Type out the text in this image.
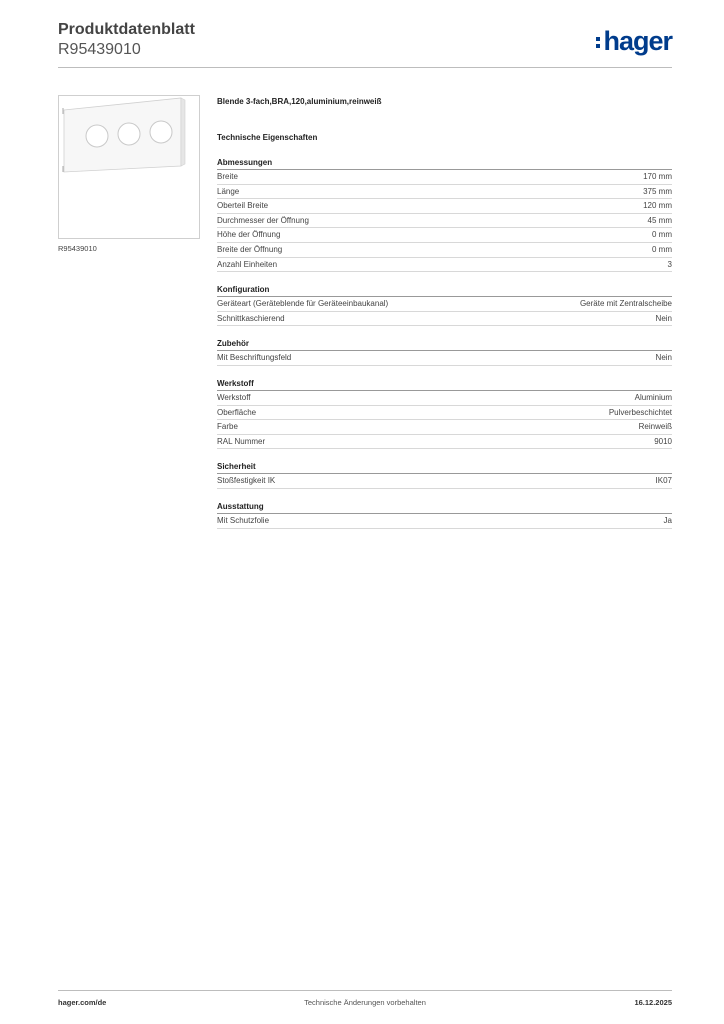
Produktdatenblatt
R95439010	hager
R95439010
Blende 3-fach,BRA,120,aluminium,reinweiß
Technische Eigenschaften
Abmessungen
Breite	170 mm
Länge	375 mm
Oberteil Breite	120 mm
Durchmesser der Öffnung	45 mm
Höhe der Öffnung	0 mm
Breite der Öffnung	0 mm
Anzahl Einheiten	3
Konfiguration
Geräteart (Geräteblende für Geräteeinbaukanal)	Geräte mit Zentralscheibe
Schnittkaschierend	Nein
Zubehör
Mit Beschriftungsfeld	Nein
Werkstoff
Werkstoff	Aluminium
Oberfläche	Pulverbeschichtet
Farbe	Reinweiß
RAL Nummer	9010
Sicherheit
Stoßfestigkeit IK	IK07
Ausstattung
Mit Schutzfolie	Ja
hager.com/de	Technische Änderungen vorbehalten	16.12.2025
